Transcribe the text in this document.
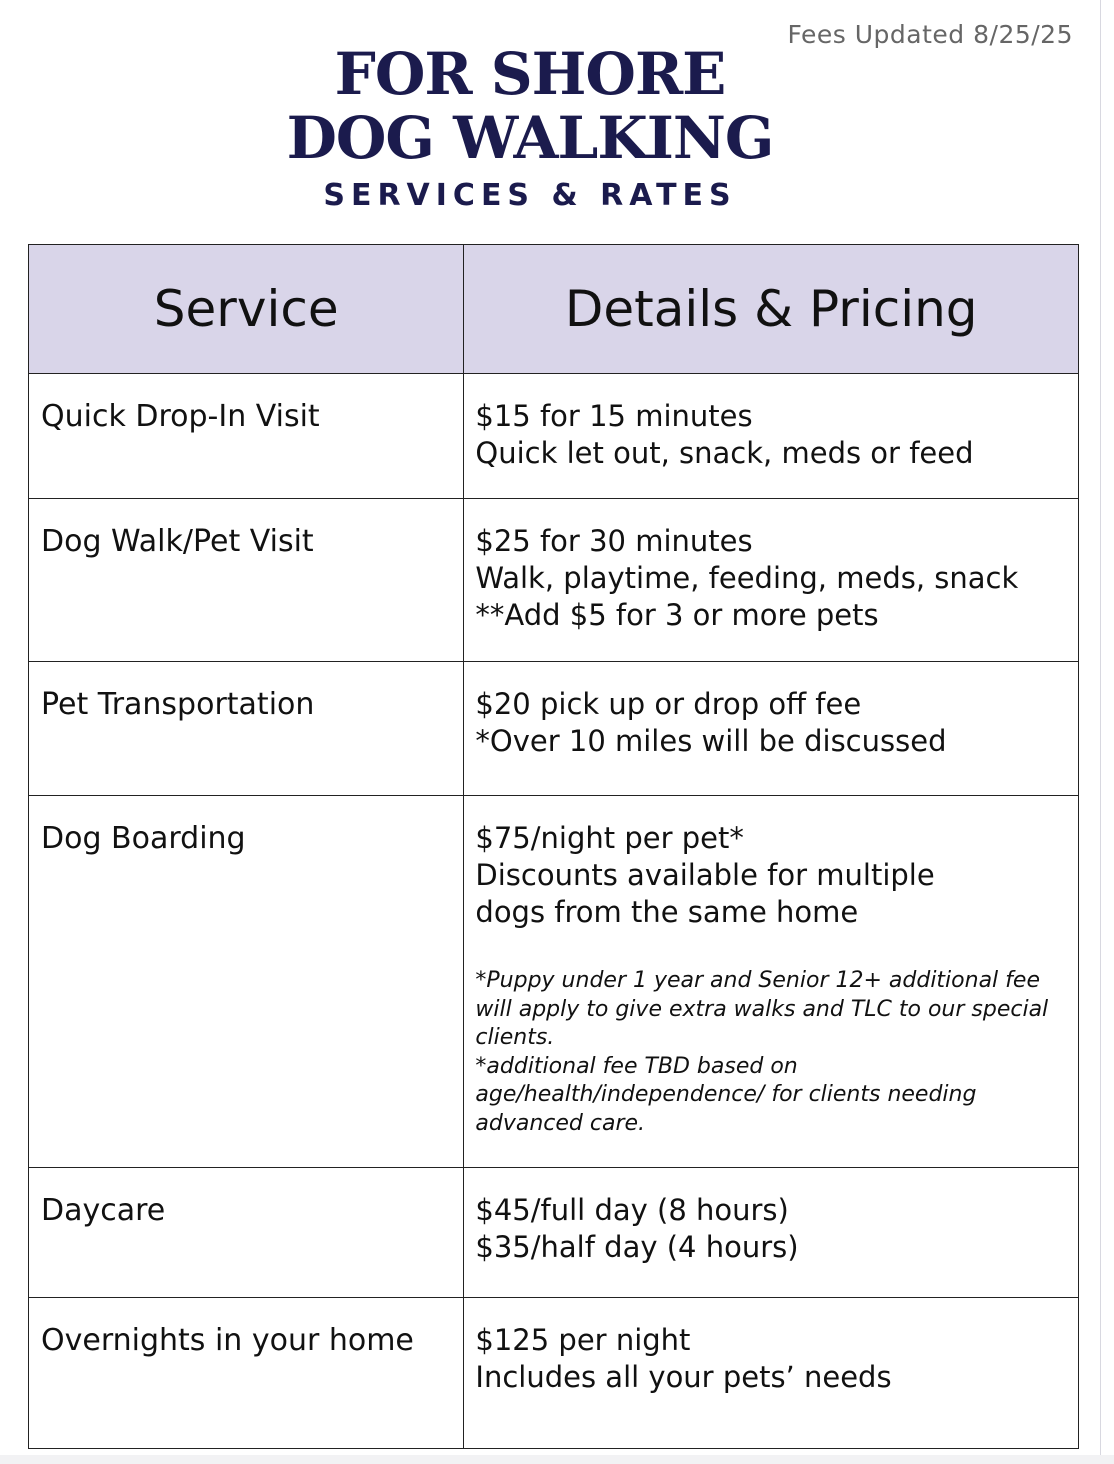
Fees Updated 8/25/25
FOR SHORE
DOG WALKING
SERVICES & RATES
Service	Details & Pricing

Quick Drop-In Visit	$15 for 15 minutes
Quick let out, snack, meds or feed

Dog Walk/Pet Visit	$25 for 30 minutes
Walk, playtime, feeding, meds, snack
**Add $5 for 3 or more pets

Pet Transportation	$20 pick up or drop off fee
*Over 10 miles will be discussed

Dog Boarding	$75/night per pet*
Discounts available for multiple
dogs from the same home
*Puppy under 1 year and Senior 12+ additional fee will apply to give extra walks and TLC to our special clients.
*additional fee TBD based on age/health/independence/ for clients needing advanced care.

Daycare	$45/full day (8 hours)
$35/half day (4 hours)

Overnights in your home	$125 per night
Includes all your pets’ needs
